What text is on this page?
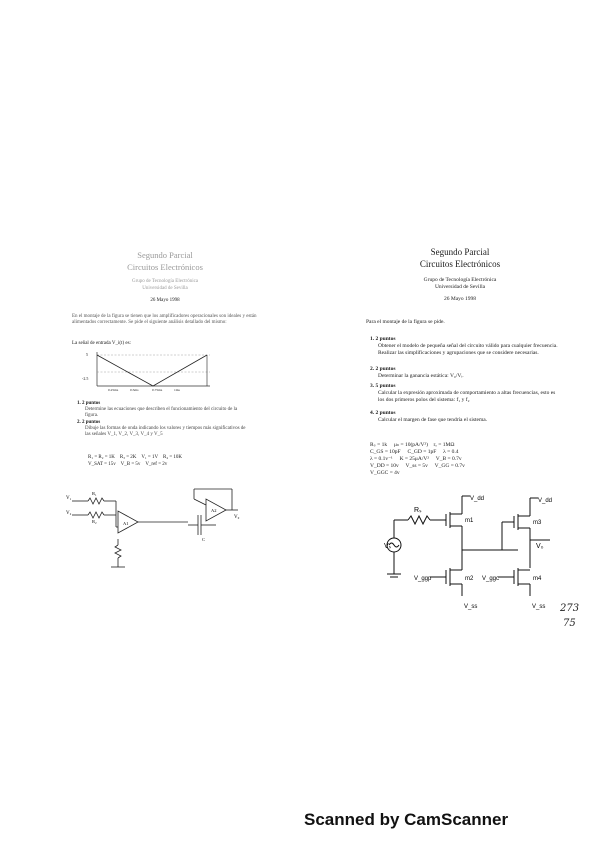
Segundo Parcial
Circuitos Electrónicos
Grupo de Tecnología Electrónica
Universidad de Sevilla
26 Mayo 1998
En el montaje de la figura se tienen que los amplificadores operacionales son ideales y están alimentados correctamente. Se pide el siguiente análisis detallado del mismo:
La señal de entrada V_i(t) es:
5
-2.5
0.25ms	0.5ms	0.75ms	1ms
1. 2 puntos
Determine las ecuaciones que describen el funcionamiento del circuito de la figura.
2. 2 puntos
Dibuje las formas de onda indicando los valores y tiempos más significativos de las señales V_1, V_2, V_3, V_4 y V_5
R₁ = R₂ = 1K    R₃ = 2K    V₁ = 1V    R₄ = 10K
V_SAT = 15v    V_B = 5v    V_ref = 2v
V₁
V₂
R₁
R₂	A1
A2
V₀
C
Segundo Parcial
Circuitos Electrónicos
Grupo de Tecnología Electrónica
Universidad de Sevilla
26 Mayo 1998
Para el montaje de la figura se pide.
1. 2 puntos
Obtener el modelo de pequeña señal del circuito válido para cualquier frecuencia. Realizar las simplificaciones y agrupaciones que se considere necesarias.
2. 2 puntos
Determinar la ganancia estática: V₀/Vᵢ.
3. 5 puntos
Calcular la expresión aproximada de comportamiento a altas frecuencias, esto es los dos primeros polos del sistema: f₁ y f₂
4. 2 puntos
Calcular el margen de fase que tendría el sistema.
Rₛ = 1k     μₙ = 10(pA/V²)    rₒ = 1MΩ
C_GS = 10pF     C_GD = 1pF     λ = 0.4
λ = 0.1v⁻¹     K = 25μA/V²     V_B = 0.7v
V_DD = 10v     V_ss = 5v     V_GG = 0.7v
V_GGC = 4v
Vₛ
Rₛ
V_dd	V_dd
m1	m3
m2	m4
V₀
V_ggp	V_ggc
V_ss	V_ss 273
75
Scanned by CamScanner
